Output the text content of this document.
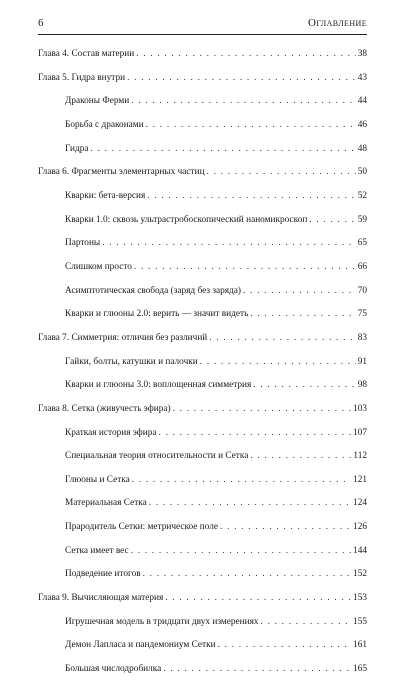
6	Оглавление
Глава 4. Состав материи . . .	38
Глава 5. Гидра внутри . . .	43
Драконы Ферми . . .	44
Борьба с драконами . . .	46
Гидра . . .	48
Глава 6. Фрагменты элементарных частиц . . .	50
Кварки: бета-версия . . .	52
Кварки 1.0: сквозь ультрастробоскопический наномикроскоп . . .	59
Партоны . . .	65
Слишком просто . . .	66
Асимптотическая свобода (заряд без заряда) . . .	70
Кварки и глюоны 2.0: верить — значит видеть . . .	75
Глава 7. Симметрия: отличия без различий . . .	83
Гайки, болты, катушки и палочки . . .	91
Кварки и глюоны 3.0: воплощенная симметрия . . .	98
Глава 8. Сетка (живучесть эфира) . . .	103
Краткая история эфира . . .	107
Специальная теория относительности и Сетка . . .	112
Глюоны и Сетка . . .	121
Материальная Сетка . . .	124
Прародитель Сетки: метрическое поле . . .	126
Сетка имеет вес . . .	144
Подведение итогов . . .	152
Глава 9. Вычисляющая материя . . .	153
Игрушечная модель в тридцати двух измерениях . . .	155
Демон Лапласа и пандемониум Сетки . . .	161
Большая числодробилка . . .	165
